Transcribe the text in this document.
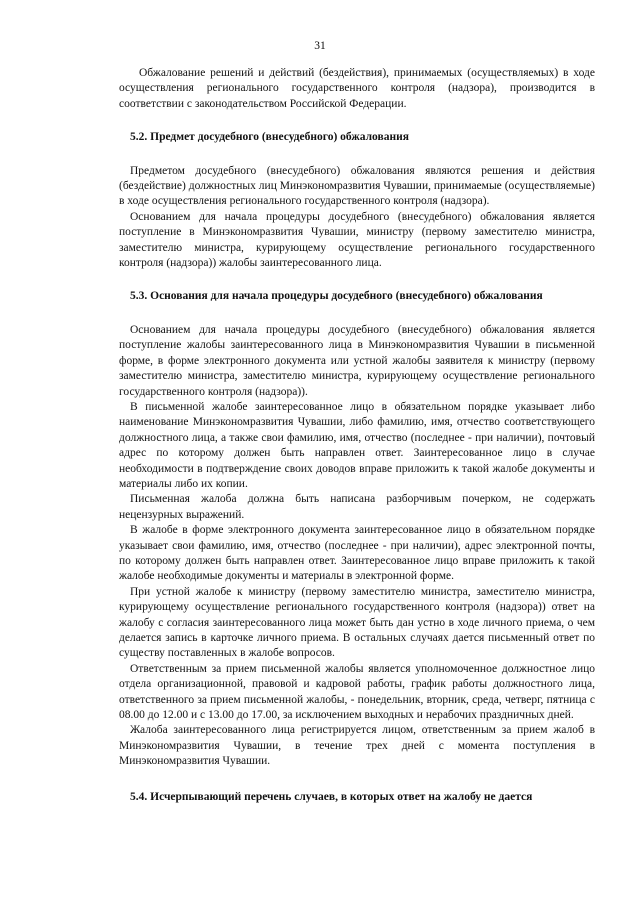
31

Обжалование решений и действий (бездействия), принимаемых (осуществляемых) в ходе осуществления регионального государственного контроля (надзора), производится в соответствии с законодательством Российской Федерации.

5.2. Предмет досудебного (внесудебного) обжалования

Предметом досудебного (внесудебного) обжалования являются решения и действия (бездействие) должностных лиц Минэкономразвития Чувашии, принимаемые (осуществляемые) в ходе осуществления регионального государственного контроля (надзора).

Основанием для начала процедуры досудебного (внесудебного) обжалования является поступление в Минэкономразвития Чувашии, министру (первому заместителю министра, заместителю министра, курирующему осуществление регионального государственного контроля (надзора)) жалобы заинтересованного лица.

5.3. Основания для начала процедуры досудебного (внесудебного) обжалования

Основанием для начала процедуры досудебного (внесудебного) обжалования является поступление жалобы заинтересованного лица в Минэкономразвития Чувашии в письменной форме, в форме электронного документа или устной жалобы заявителя к министру (первому заместителю министра, заместителю министра, курирующему осуществление регионального государственного контроля (надзора)).

В письменной жалобе заинтересованное лицо в обязательном порядке указывает либо наименование Минэкономразвития Чувашии, либо фамилию, имя, отчество соответствующего должностного лица, а также свои фамилию, имя, отчество (последнее - при наличии), почтовый адрес по которому должен быть направлен ответ. Заинтересованное лицо в случае необходимости в подтверждение своих доводов вправе приложить к такой жалобе документы и материалы либо их копии.

Письменная жалоба должна быть написана разборчивым почерком, не содержать нецензурных выражений.

В жалобе в форме электронного документа заинтересованное лицо в обязательном порядке указывает свои фамилию, имя, отчество (последнее - при наличии), адрес электронной почты, по которому должен быть направлен ответ. Заинтересованное лицо вправе приложить к такой жалобе необходимые документы и материалы в электронной форме.

При устной жалобе к министру (первому заместителю министра, заместителю министра, курирующему осуществление регионального государственного контроля (надзора)) ответ на жалобу с согласия заинтересованного лица может быть дан устно в ходе личного приема, о чем делается запись в карточке личного приема. В остальных случаях дается письменный ответ по существу поставленных в жалобе вопросов.

Ответственным за прием письменной жалобы является уполномоченное должностное лицо отдела организационной, правовой и кадровой работы, график работы должностного лица, ответственного за прием письменной жалобы, - понедельник, вторник, среда, четверг, пятница с 08.00 до 12.00 и с 13.00 до 17.00, за исключением выходных и нерабочих праздничных дней.

Жалоба заинтересованного лица регистрируется лицом, ответственным за прием жалоб в Минэкономразвития Чувашии, в течение трех дней с момента поступления в Минэкономразвития Чувашии.

5.4. Исчерпывающий перечень случаев, в которых ответ на жалобу не дается
